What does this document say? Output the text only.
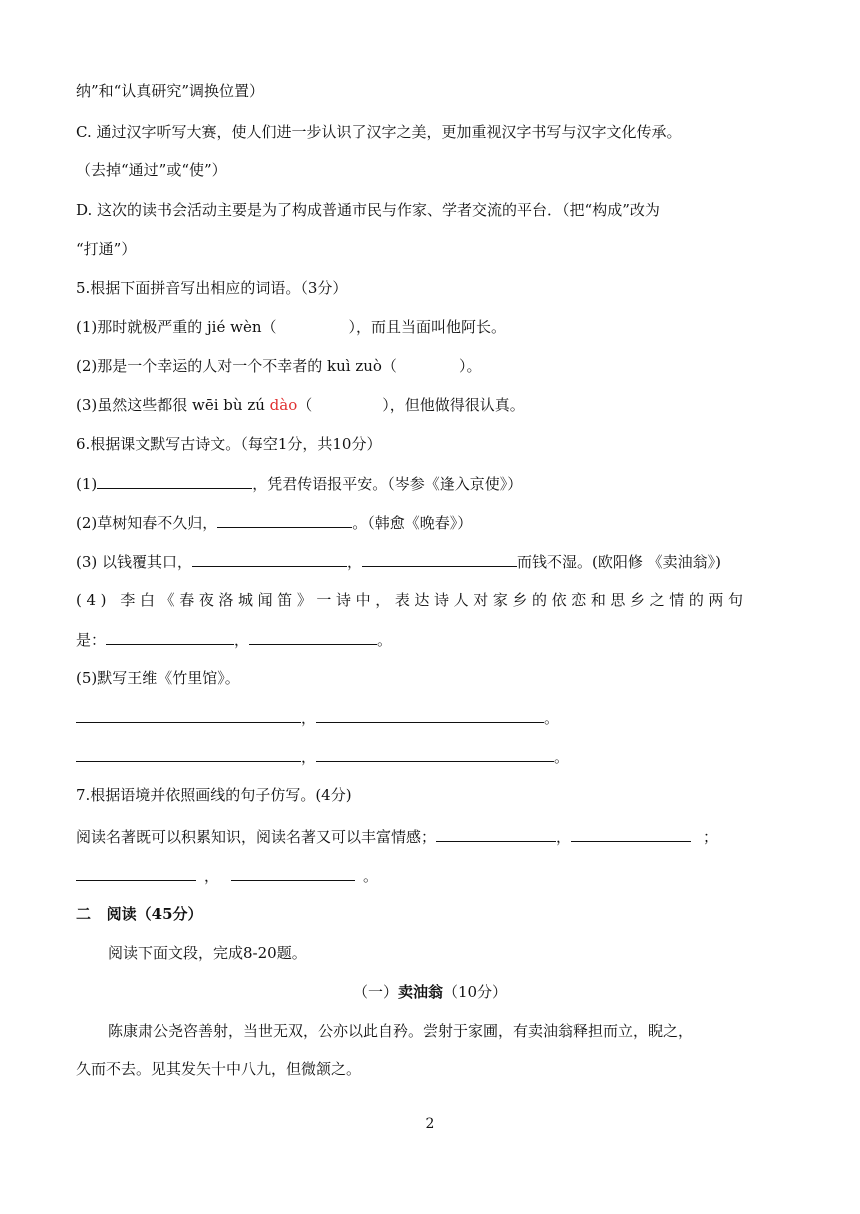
纳”和“认真研究”调换位置）
C. 通过汉字听写大赛，使人们进一步认识了汉字之美，更加重视汉字书写与汉字文化传承。
（去掉“通过”或“使”）
D. 这次的读书会活动主要是为了构成普通市民与作家、学者交流的平台．（把“构成”改为
“打通”）
5.根据下面拼音写出相应的词语。（3分）
(1)那时就极严重的 jié wèn（	），而且当面叫他阿长。
(2)那是一个幸运的人对一个不幸者的 kuì zuò（	）。
(3)虽然这些都很 wēi bù zú dào（	），但他做得很认真。
6.根据课文默写古诗文。（每空1分，共10分）
(1)	，凭君传语报平安。（岑参《逢入京使》）
(2)草树知春不久归，	。（韩愈《晚春》）
(3) 以钱覆其口，	，	而钱不湿。(欧阳修 《卖油翁》)
(4) 李白《春夜洛城闻笛》一诗中，表达诗人对家乡的依恋和思乡之情的两句
是：	，	。
(5)默写王维《竹里馆》。
，	。
，	。
7.根据语境并依照画线的句子仿写。(4分)
阅读名著既可以积累知识，阅读名著又可以丰富情感；	，	；
，	。
二   阅读（45分）
阅读下面文段，完成8-20题。
（一）卖油翁（10分）
陈康肃公尧咨善射，当世无双，公亦以此自矜。尝射于家圃，有卖油翁释担而立，睨之，
久而不去。见其发矢十中八九，但微颔之。
2
